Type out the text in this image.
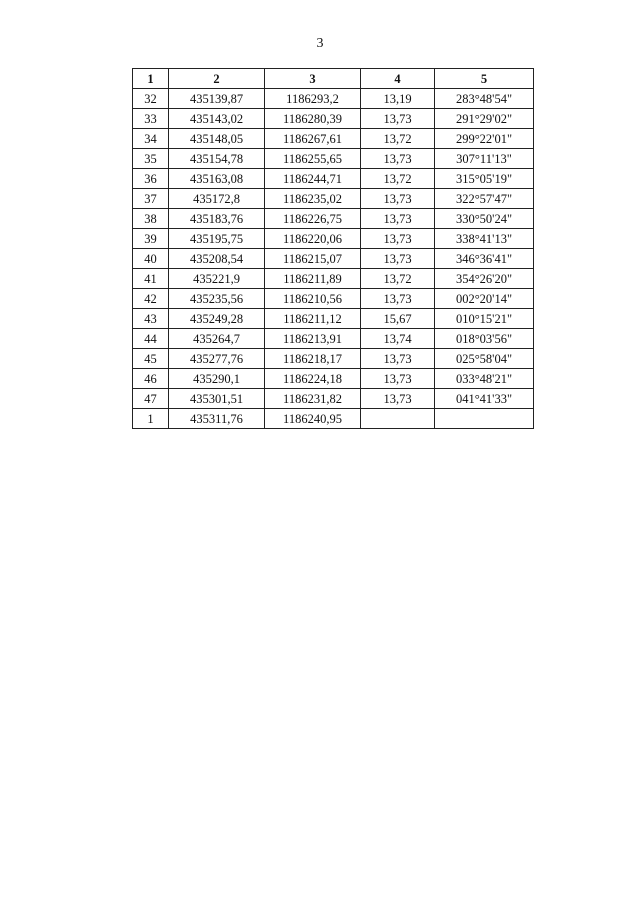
3
1	2	3	4	5
32	435139,87	1186293,2	13,19	283°48'54"
33	435143,02	1186280,39	13,73	291°29'02"
34	435148,05	1186267,61	13,72	299°22'01"
35	435154,78	1186255,65	13,73	307°11'13"
36	435163,08	1186244,71	13,72	315°05'19"
37	435172,8	1186235,02	13,73	322°57'47"
38	435183,76	1186226,75	13,73	330°50'24"
39	435195,75	1186220,06	13,73	338°41'13"
40	435208,54	1186215,07	13,73	346°36'41"
41	435221,9	1186211,89	13,72	354°26'20"
42	435235,56	1186210,56	13,73	002°20'14"
43	435249,28	1186211,12	15,67	010°15'21"
44	435264,7	1186213,91	13,74	018°03'56"
45	435277,76	1186218,17	13,73	025°58'04"
46	435290,1	1186224,18	13,73	033°48'21"
47	435301,51	1186231,82	13,73	041°41'33"
1	435311,76	1186240,95		
